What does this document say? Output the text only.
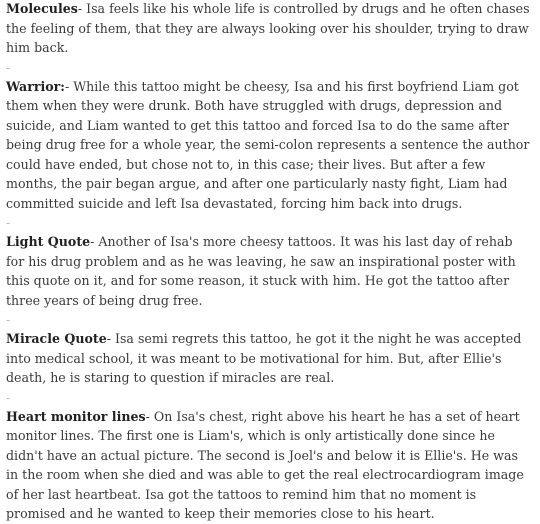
Molecules- Isa feels like his whole life is controlled by drugs and he often chases the feeling of them, that they are always looking over his shoulder, trying to draw him back.

-

Warrior:- While this tattoo might be cheesy, Isa and his first boyfriend Liam got them when they were drunk. Both have struggled with drugs, depression and suicide, and Liam wanted to get this tattoo and forced Isa to do the same after being drug free for a whole year, the semi-colon represents a sentence the author could have ended, but chose not to, in this case; their lives. But after a few months, the pair began argue, and after one particularly nasty fight, Liam had committed suicide and left Isa devastated, forcing him back into drugs.

-

Light Quote- Another of Isa's more cheesy tattoos. It was his last day of rehab for his drug problem and as he was leaving, he saw an inspirational poster with this quote on it, and for some reason, it stuck with him. He got the tattoo after three years of being drug free.

-

Miracle Quote- Isa semi regrets this tattoo, he got it the night he was accepted into medical school, it was meant to be motivational for him. But, after Ellie's death, he is staring to question if miracles are real.

-

Heart monitor lines- On Isa's chest, right above his heart he has a set of heart monitor lines. The first one is Liam's, which is only artistically done since he didn't have an actual picture. The second is Joel's and below it is Ellie's. He was in the room when she died and was able to get the real electrocardiogram image of her last heartbeat. Isa got the tattoos to remind him that no moment is promised and he wanted to keep their memories close to his heart.
